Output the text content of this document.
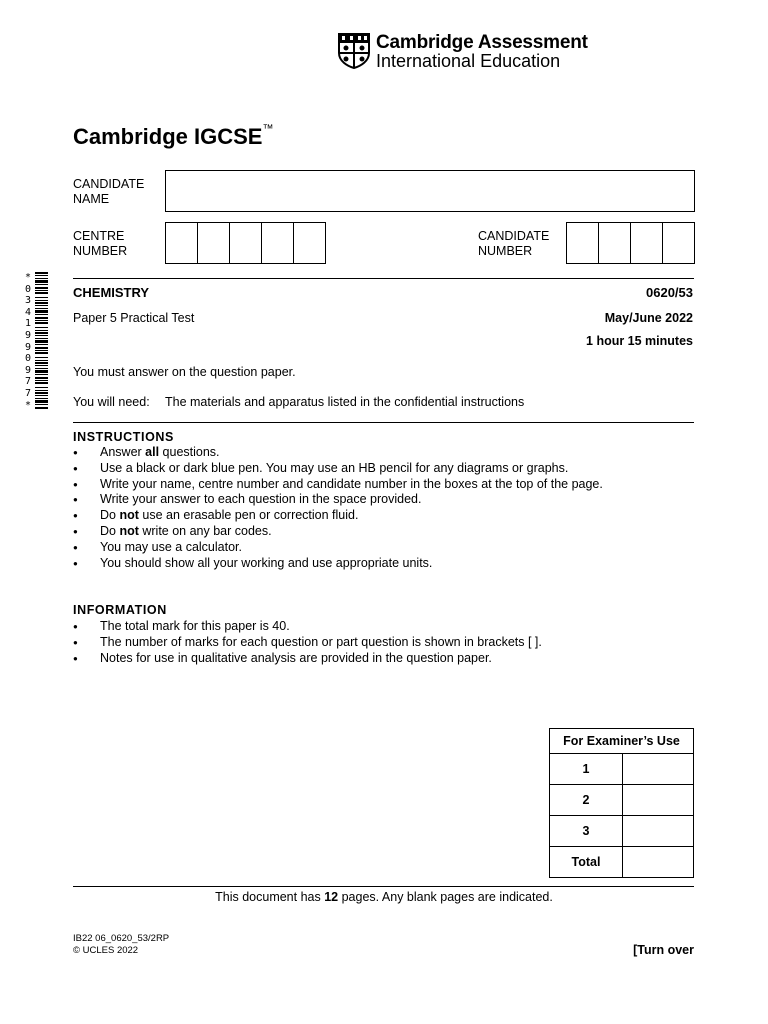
Cambridge Assessment
International Education
Cambridge IGCSE™
CANDIDATE
NAME
CENTRE
NUMBER
CANDIDATE
NUMBER
*
0
3
4
1
9
9
0
9
7
7
*
CHEMISTRY	0620/53
Paper 5 Practical Test	May/June 2022
1 hour 15 minutes
You must answer on the question paper.
You will need: The materials and apparatus listed in the confidential instructions
INSTRUCTIONS
● Answer all questions.
● Use a black or dark blue pen. You may use an HB pencil for any diagrams or graphs.
● Write your name, centre number and candidate number in the boxes at the top of the page.
● Write your answer to each question in the space provided.
● Do not use an erasable pen or correction fluid.
● Do not write on any bar codes.
● You may use a calculator.
● You should show all your working and use appropriate units.
INFORMATION
● The total mark for this paper is 40.
● The number of marks for each question or part question is shown in brackets [ ].
● Notes for use in qualitative analysis are provided in the question paper.
For Examiner’s Use	
1	
2	
3	
Total	
This document has 12 pages. Any blank pages are indicated.
IB22 06_0620_53/2RP
© UCLES 2022	[Turn over
